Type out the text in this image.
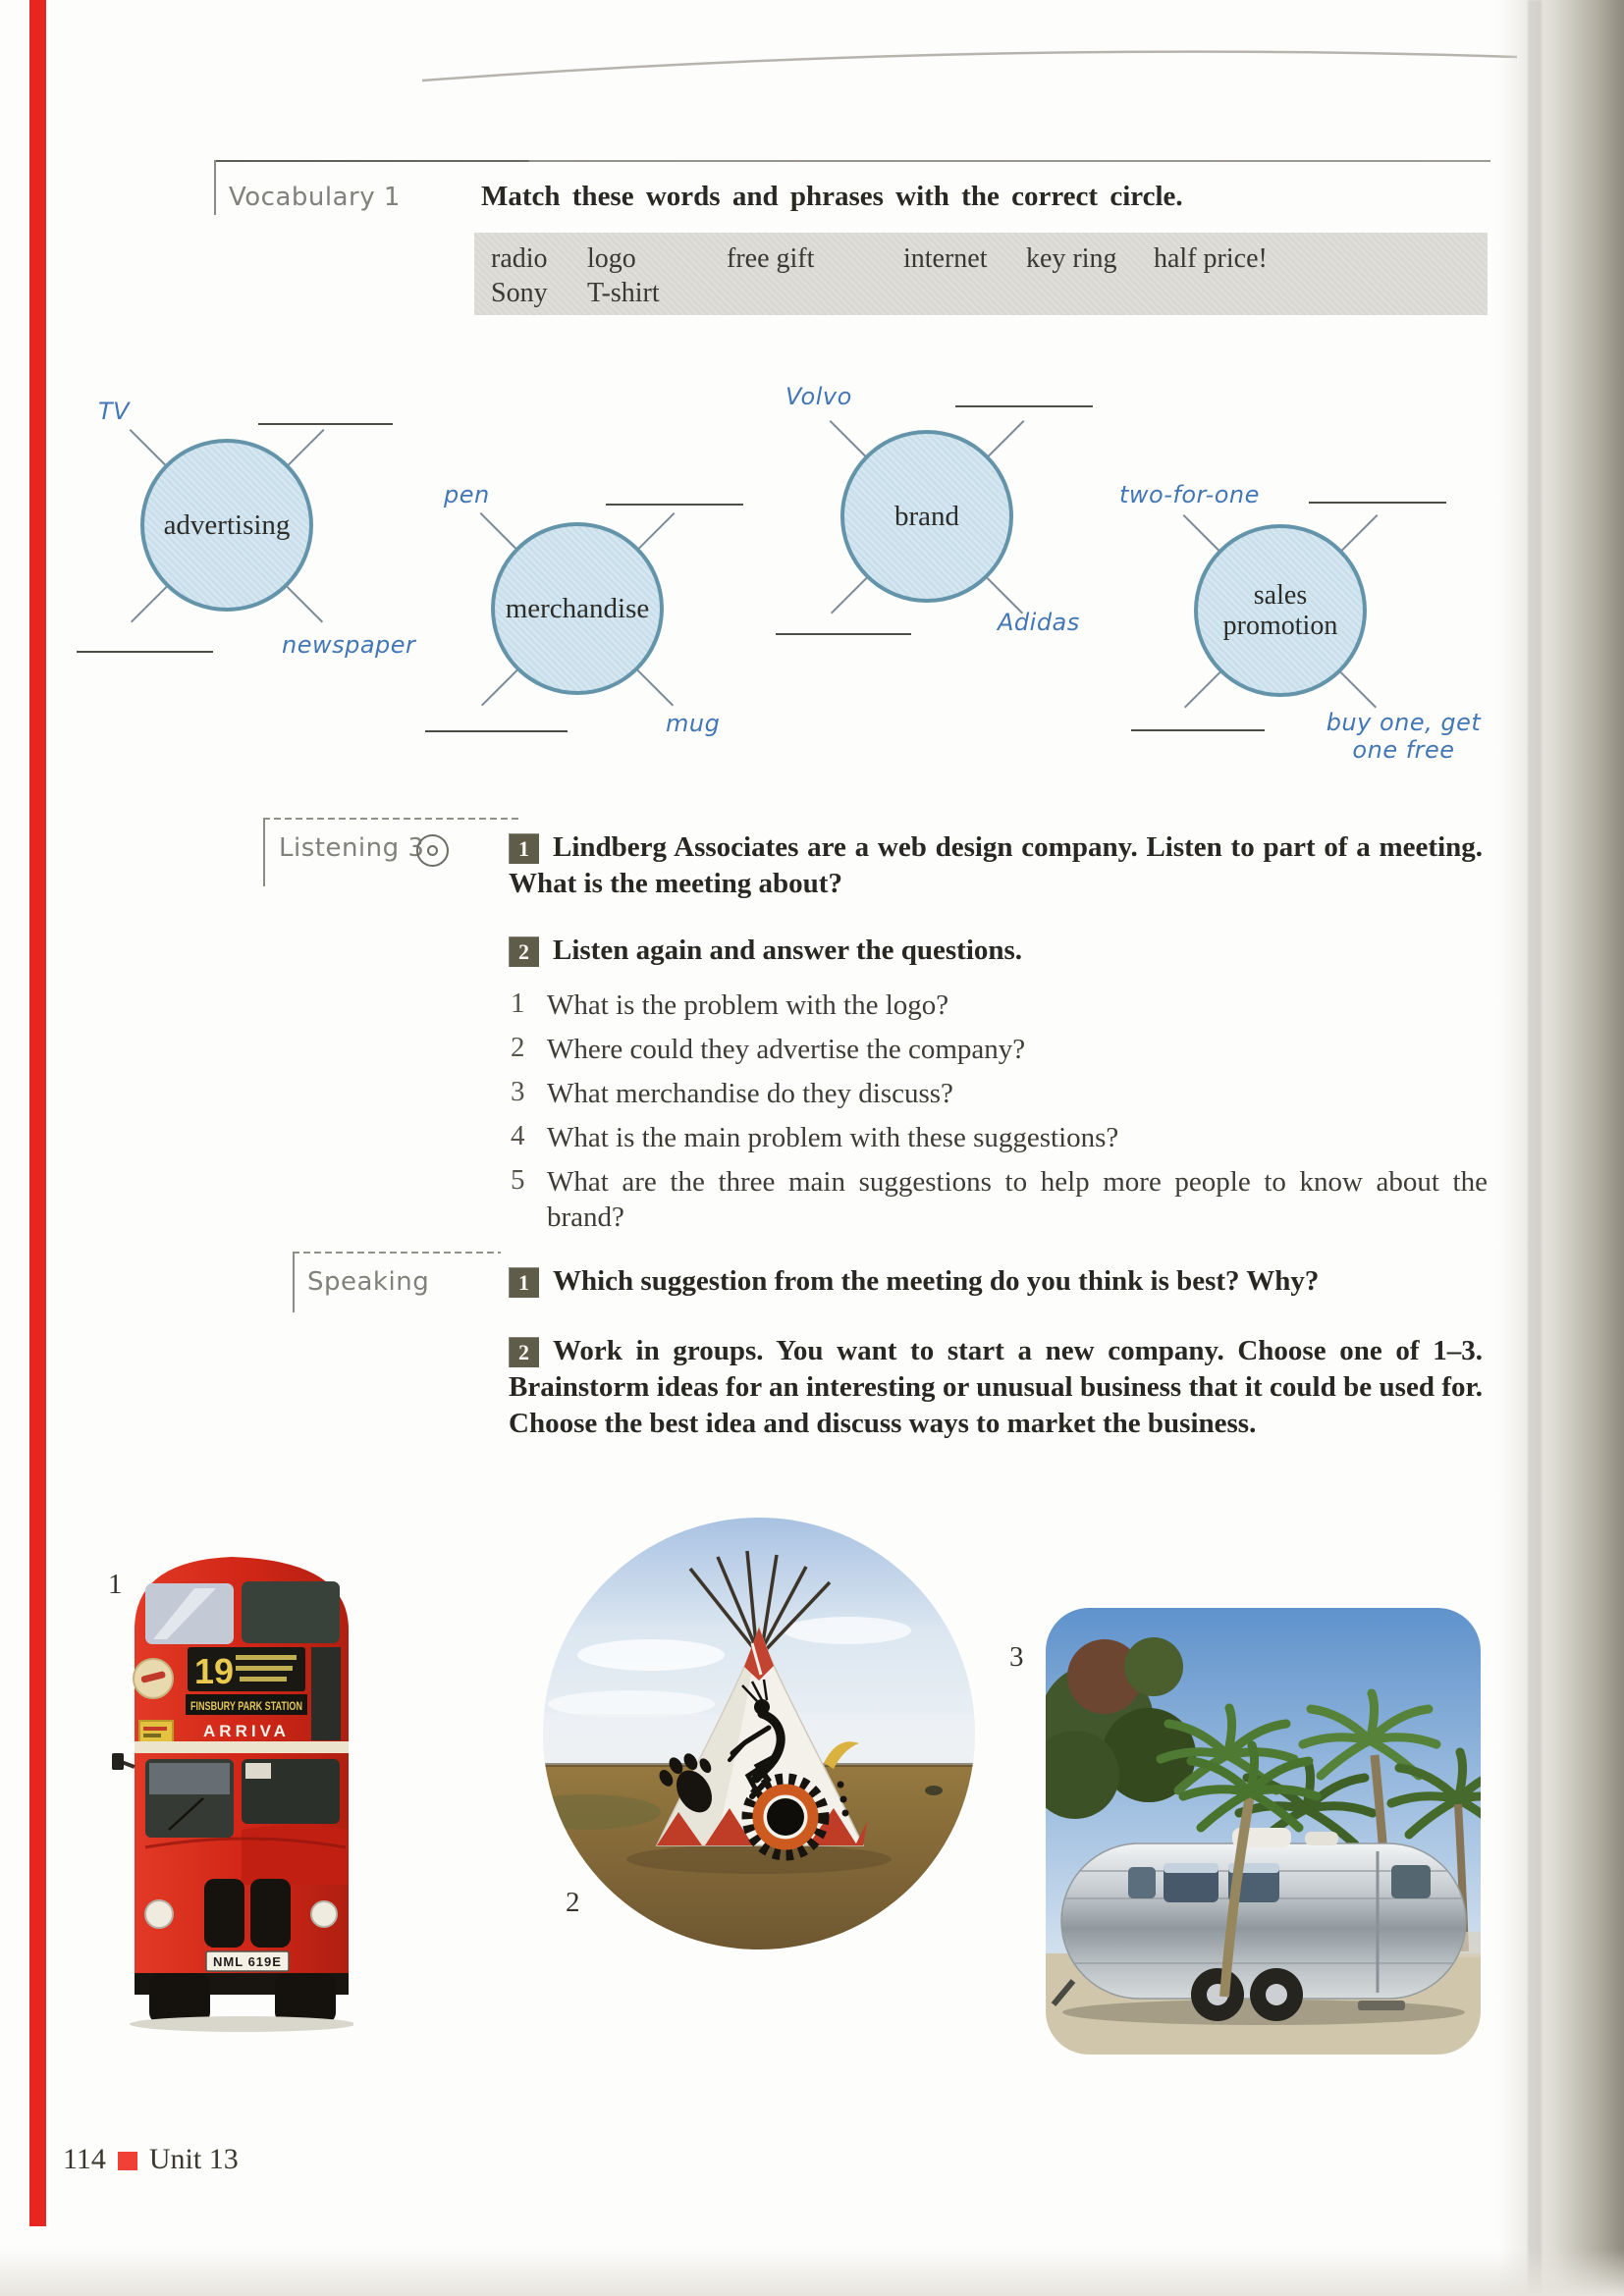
Vocabulary 1	Match these words and phrases with the correct circle.
radio logo	free gift	internet key ring half price!
Sony T-shirt
advertising
TV
newspaper
merchandise
pen
mug
brand
Volvo
Adidas
sales promotion
two-for-one
buy one, get one free
Listening 3	1 Lindberg Associates are a web design company. Listen to part of a meeting. What is the meeting about?
2 Listen again and answer the questions.
1 What is the problem with the logo?
2 Where could they advertise the company?
3 What merchandise do they discuss?
4 What is the main problem with these suggestions?
5 What are the three main suggestions to help more people to know about the brand?
Speaking	1 Which suggestion from the meeting do you think is best? Why?
2 Work in groups. You want to start a new company. Choose one of 1–3. Brainstorm ideas for an interesting or unusual business that it could be used for. Choose the best idea and discuss ways to market the business.
1
19
FINSBURY PARK STATION
ARRIVA
NML 619E
2
3
114 Unit 13
